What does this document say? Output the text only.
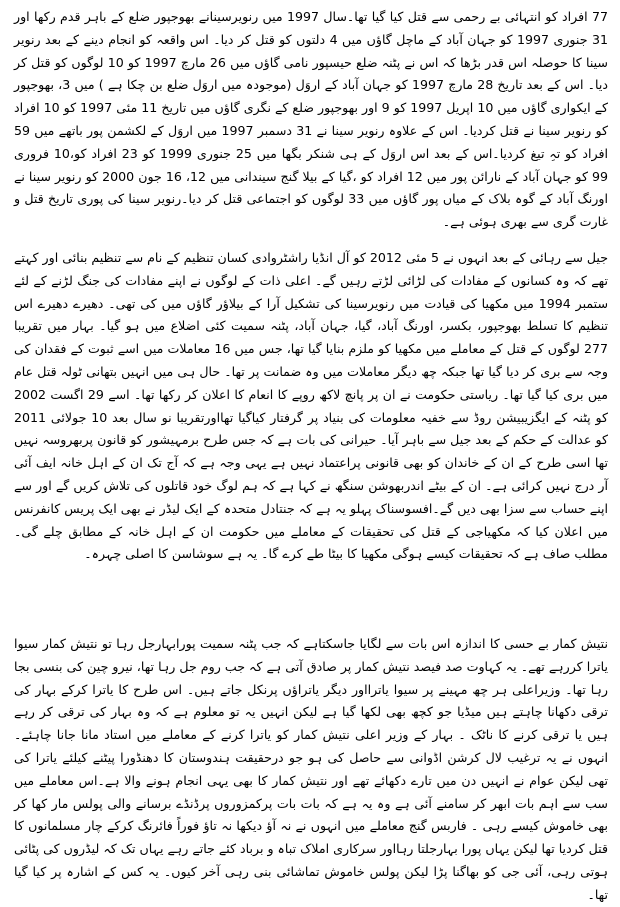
77 افراد کو انتہائی بے رحمی سے قتل کیا گیا تھا۔سال 1997 میں رنویرسینانے بھوجپور ضلع کے باہر قدم رکھا اور 31 جنوری 1997 کو جہان آباد کے ماچل گاؤں میں 4 دلتوں کو قتل کر دیا۔ اس واقعہ کو انجام دینے کے بعد رنویر سینا کا حوصلہ اس قدر بڑھا کہ اس نے پٹنہ ضلع حیسپور نامی گاؤں میں 26 مارچ 1997 کو 10 لوگوں کو قتل کر دیا۔ اس کے بعد تاریخ 28 مارچ 1997 کو جہان آباد کے اروَل (موجودہ میں اروَل ضلع بن چکا ہے ) میں 3، بھوجپور کے ایکواری گاؤں میں 10 اپریل 1997 کو 9 اور بھوجپور ضلع کے نگری گاؤں میں تاریخ 11 مئی 1997 کو 10 افراد کو رنویر سینا نے قتل کردیا۔ اس کے علاوہ رنویر سینا نے 31 دسمبر 1997 میں اروَل کے لکشمن پور باتھے میں 59 افراد کو تہِ تیغ کردیا۔اس کے بعد اس اروَل کے ہی شنکر بگھا میں 25 جنوری 1999 کو 23 افراد کو،10 فروری 99 کو جہان آباد کے نارائن پور میں 12 افراد کو ،گیا کے بیلا گنج سیندانی میں 12، 16 جون 2000 کو رنویر سینا نے اورنگ آباد کے گوہ بلاک کے میاں پور گاؤں میں 33 لوگوں کو اجتماعی قتل کر دیا۔رنویر سینا کی پوری تاریخ قتل و غارت گری سے بھری ہوئی ہے۔

جیل سے رہائی کے بعد انہوں نے 5 مئی 2012 کو آل انڈیا راشٹروادی کسان تنظیم کے نام سے تنظیم بنائی اور کہتے تھے کہ وہ کسانوں کے مفادات کی لڑائی لڑتے رہیں گے۔ اعلی ذات کے لوگوں نے اپنے مفادات کی جنگ لڑنے کے لئے ستمبر 1994 میں مکھیا کی قیادت میں رنویرسینا کی تشکیل آرا کے بیلاؤر گاؤں میں کی تھی۔ دھیرے دھیرے اس تنظیم کا تسلط بھوجپور، بکسر، اورنگ آباد، گیا، جہان آباد، پٹنہ سمیت کئی اضلاع میں ہو گیا۔ بہار میں تقریبا 277 لوگوں کے قتل کے معاملے میں مکھیا کو ملزم بنایا گیا تھا، جس میں 16 معاملات میں اسے ثبوت کے فقدان کی وجہ سے بری کر دیا گیا تھا جبکہ چھ دیگر معاملات میں وہ ضمانت پر تھا۔ حال ہی میں انہیں بتھانی ٹولہ قتل عام میں بری کیا گیا تھا۔ ریاستی حکومت نے ان پر پانچ لاکھ روپے کا انعام کا اعلان کر رکھا تھا۔ اسے 29 اگست 2002 کو پٹنہ کے ایگزیبیشن روڈ سے خفیہ معلومات کی بنیاد پر گرفتار کیاگیا تھااورتقریبا نو سال بعد 10 جولائی 2011 کو عدالت کے حکم کے بعد جیل سے باہر آیا۔ حیرانی کی بات ہے کہ جس طرح برمہیشور کو قانون پربھروسہ نہیں تھا اسی طرح کے ان کے خاندان کو بھی قانونی پراعتماد نہیں ہے یہی وجہ ہے کہ آج تک ان کے اہل خانہ ایف آئی آر درج نہیں کرائی ہے۔ ان کے بیٹے اندربھوشن سنگھ نے کہا ہے کہ ہم لوگ خود قاتلوں کی تلاش کریں گے اور سے اپنے حساب سے سزا بھی دیں گے۔افسوسناک پہلو یہ ہے کہ جنتادل متحدہ کے ایک لیڈر نے بھی ایک پریس کانفرنس میں اعلان کیا کہ مکھیاجی کے قتل کی تحقیقات کے معاملے میں حکومت ان کے اہل خانہ کے مطابق چلے گی۔ مطلب صاف ہے کہ تحقیقات کیسے ہوگی مکھیا کا بیٹا طے کرے گا۔ یہ ہے سوشاسن کا اصلی چہرہ۔

نتیش کمار بے حسی کا اندازہ اس بات سے لگایا جاسکتاہے کہ جب پٹنہ سمیت پورابہارجل رہا تو نتیش کمار سیوا یاترا کررہے تھے۔ یہ کہاوت صد فیصد نتیش کمار پر صادق آتی ہے کہ جب روم جل رہا تھا، نیرو چین کی بنسی بجا رہا تھا۔ وزیراعلی ہر چھ مہینے پر سیوا یاترااور دیگر یاتراؤں پرنکل جاتے ہیں۔ اس طرح کا یاترا کرکے بہار کی ترقی دکھانا چاہتے ہیں میڈیا جو کچھ بھی لکھا گیا ہے لیکن انہیں یہ تو معلوم ہے کہ وہ بہار کی ترقی کر رہے ہیں یا ترقی کرنے کا ناٹک ۔ بہار کے وزیر اعلی نتیش کمار کو یاترا کرنے کے معاملے میں استاد مانا جانا چاہئے۔انہوں نے یہ ترغیب لال کرشن اڈوانی سے حاصل کی ہو جو درحقیقت ہندوستان کا دھنڈورا پیٹنے کیلئے یاترا کی تھی لیکن عوام نے انہیں دن میں تارے دکھائے تھے اور نتیش کمار کا بھی یہی انجام ہونے والا ہے۔اس معاملے میں سب سے اہم بات ابھر کر سامنے آئی ہے وہ یہ ہے کہ بات بات پرکمزوروں پرڈنڈے برسانے والی پولس مار کھا کر بھی خاموش کیسے رہی ۔ فاربس گنج معاملے میں انہوں نے نہ آؤ دیکھا نہ تاؤ فوراً فائرنگ کرکے چار مسلمانوں کا قتل کردیا تھا لیکن یہاں پورا بہارجلتا رہااور سرکاری املاک تباہ و برباد کئے جاتے رہے یہاں تک کہ لیڈروں کی پٹائی ہوتی رہی، آئی جی کو بھاگنا پڑا لیکن پولس خاموش تماشائی بنی رہی آخر کیوں۔ یہ کس کے اشارہ پر کیا گیا تھا۔
